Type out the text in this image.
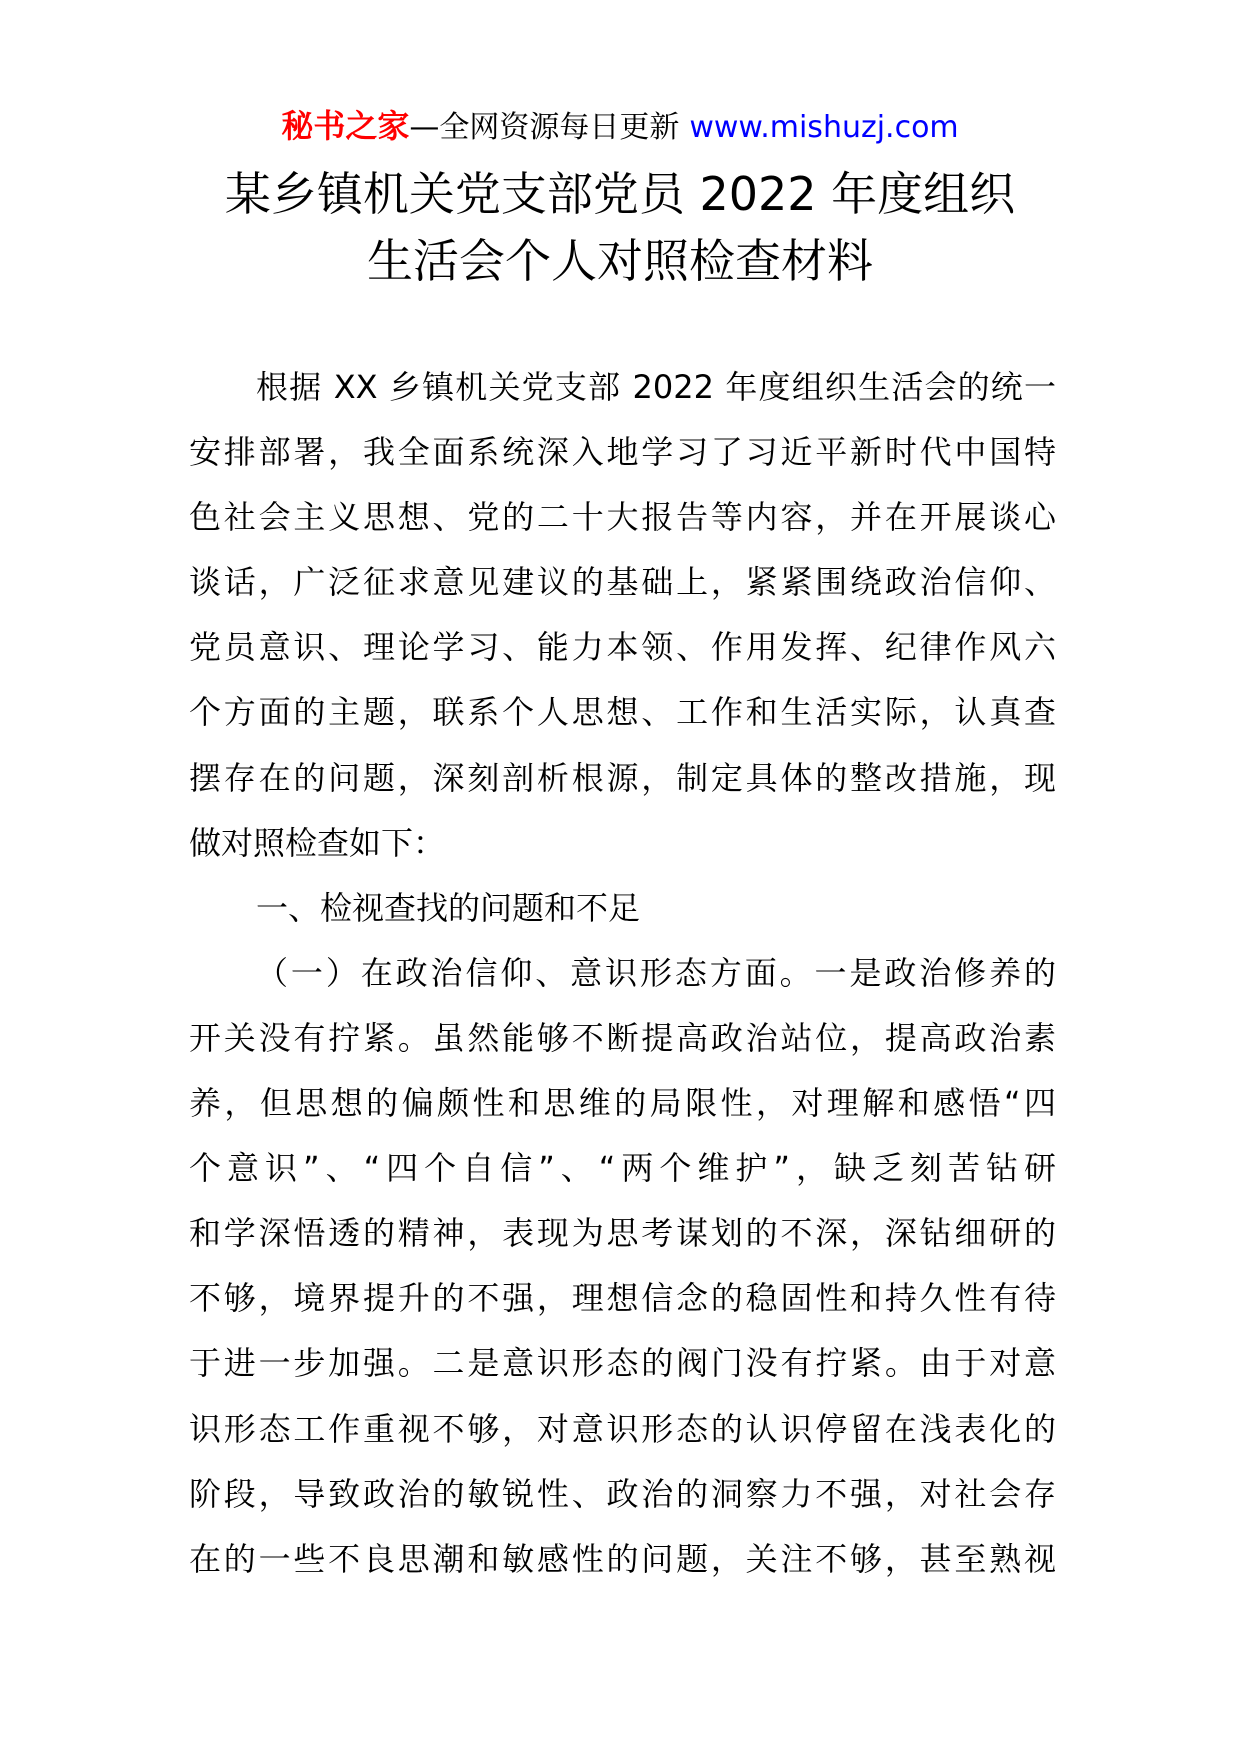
秘书之家—全网资源每日更新 www.mishuzj.com
某乡镇机关党支部党员 2022 年度组织
生活会个人对照检查材料
根据 XX 乡镇机关党支部 2022 年度组织生活会的统一
安排部署，我全面系统深入地学习了习近平新时代中国特
色社会主义思想、党的二十大报告等内容，并在开展谈心
谈话，广泛征求意见建议的基础上，紧紧围绕政治信仰、
党员意识、理论学习、能力本领、作用发挥、纪律作风六
个方面的主题，联系个人思想、工作和生活实际，认真查
摆存在的问题，深刻剖析根源，制定具体的整改措施，现
做对照检查如下：
一、检视查找的问题和不足
（一）在政治信仰、意识形态方面。一是政治修养的
开关没有拧紧。虽然能够不断提高政治站位，提高政治素
养，但思想的偏颇性和思维的局限性，对理解和感悟“四
个意识”、“四个自信”、“两个维护”，缺乏刻苦钻研
和学深悟透的精神，表现为思考谋划的不深，深钻细研的
不够，境界提升的不强，理想信念的稳固性和持久性有待
于进一步加强。二是意识形态的阀门没有拧紧。由于对意
识形态工作重视不够，对意识形态的认识停留在浅表化的
阶段，导致政治的敏锐性、政治的洞察力不强，对社会存
在的一些不良思潮和敏感性的问题，关注不够，甚至熟视
